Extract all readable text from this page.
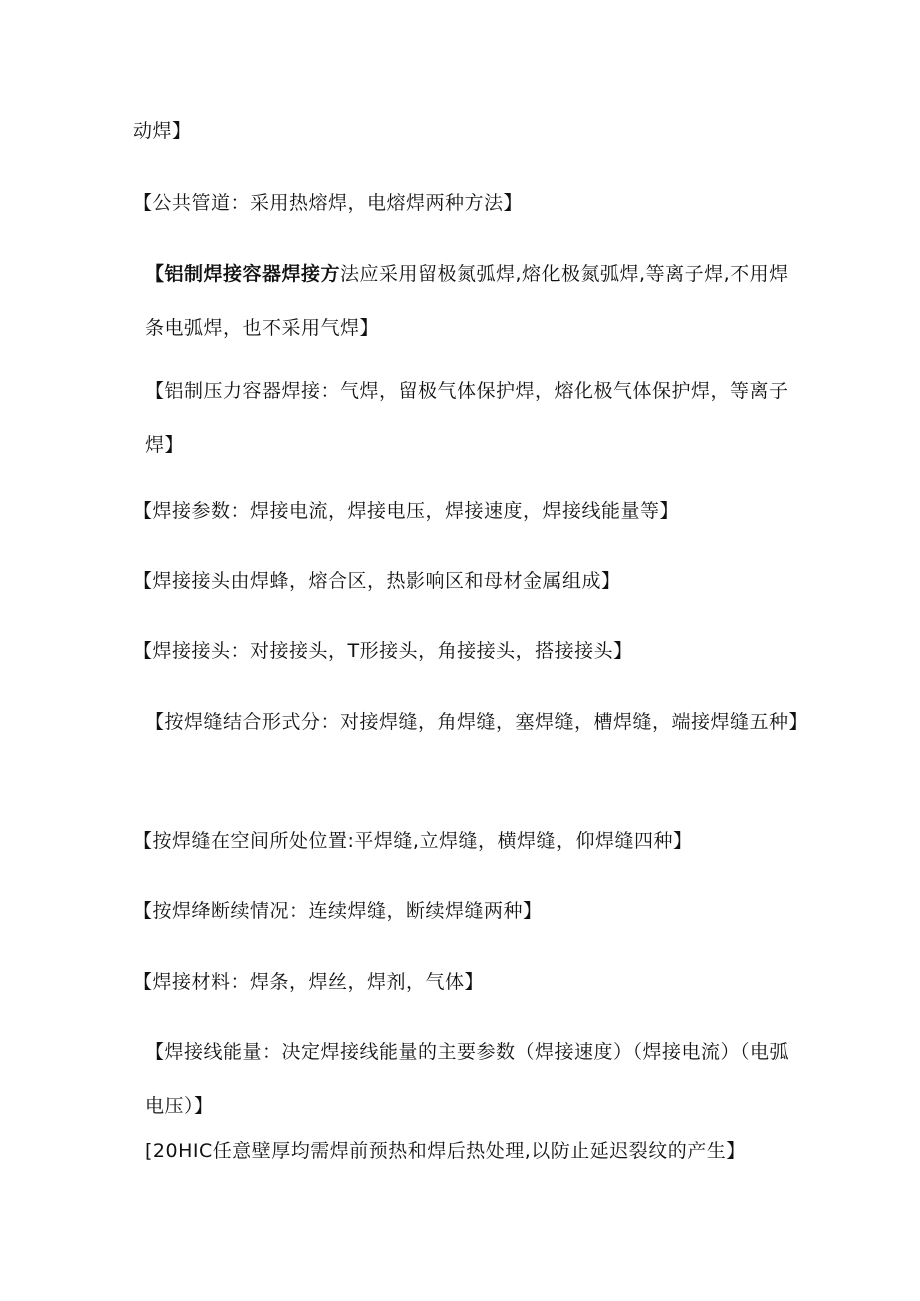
动焊】

【公共管道：采用热熔焊，电熔焊两种方法】

【铝制焊接容器焊接方法应采用留极氮弧焊,熔化极氮弧焊,等离子焊,不用焊条电弧焊，也不采用气焊】

【铝制压力容器焊接：气焊，留极气体保护焊，熔化极气体保护焊，等离子焊】

【焊接参数：焊接电流，焊接电压，焊接速度，焊接线能量等】

【焊接接头由焊蜂，熔合区，热影响区和母材金属组成】

【焊接接头：对接接头，T形接头，角接接头，搭接接头】

【按焊缝结合形式分：对接焊缝，角焊缝，塞焊缝，槽焊缝，端接焊缝五种】

【按焊缝在空间所处位置:平焊缝,立焊缝，横焊缝，仰焊缝四种】

【按焊绛断续情况：连续焊缝，断续焊缝两种】

【焊接材料：焊条，焊丝，焊剂，气体】

【焊接线能量：决定焊接线能量的主要参数（焊接速度）（焊接电流）（电弧电压）】

[20HIC任意壁厚均需焊前预热和焊后热处理,以防止延迟裂纹的产生】
